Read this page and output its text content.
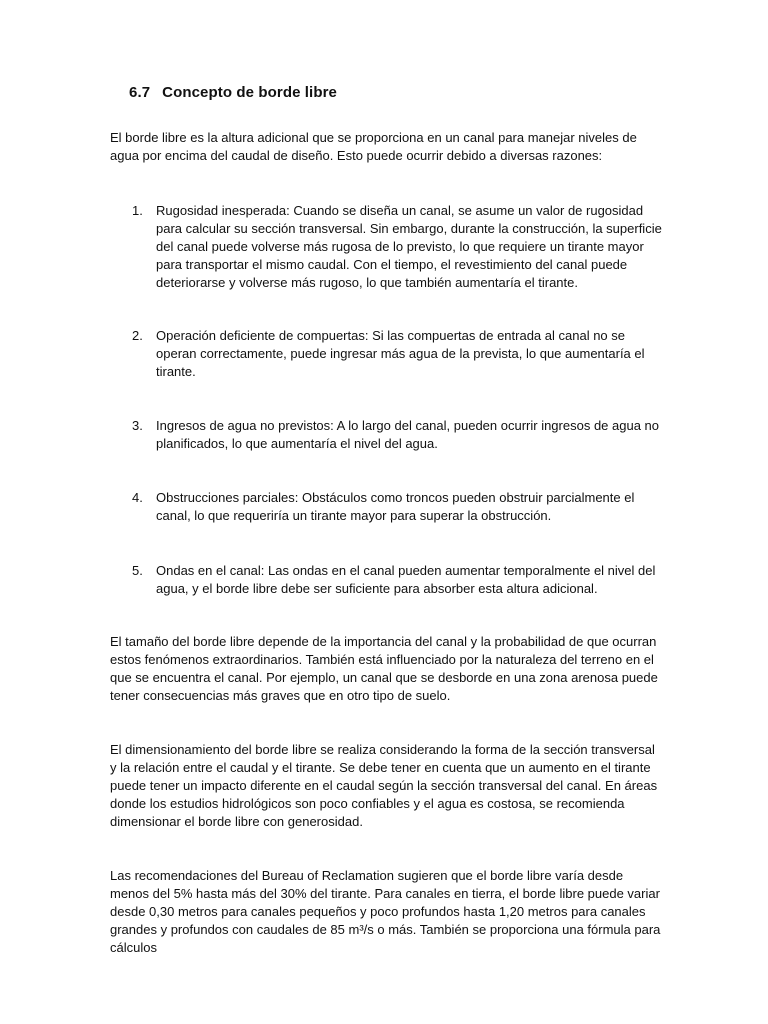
6.7 Concepto de borde libre

El borde libre es la altura adicional que se proporciona en un canal para manejar niveles de agua por encima del caudal de diseño. Esto puede ocurrir debido a diversas razones:

1. Rugosidad inesperada: Cuando se diseña un canal, se asume un valor de rugosidad para calcular su sección transversal. Sin embargo, durante la construcción, la superficie del canal puede volverse más rugosa de lo previsto, lo que requiere un tirante mayor para transportar el mismo caudal. Con el tiempo, el revestimiento del canal puede deteriorarse y volverse más rugoso, lo que también aumentaría el tirante.

2. Operación deficiente de compuertas: Si las compuertas de entrada al canal no se operan correctamente, puede ingresar más agua de la prevista, lo que aumentaría el tirante.

3. Ingresos de agua no previstos: A lo largo del canal, pueden ocurrir ingresos de agua no planificados, lo que aumentaría el nivel del agua.

4. Obstrucciones parciales: Obstáculos como troncos pueden obstruir parcialmente el canal, lo que requeriría un tirante mayor para superar la obstrucción.

5. Ondas en el canal: Las ondas en el canal pueden aumentar temporalmente el nivel del agua, y el borde libre debe ser suficiente para absorber esta altura adicional.

El tamaño del borde libre depende de la importancia del canal y la probabilidad de que ocurran estos fenómenos extraordinarios. También está influenciado por la naturaleza del terreno en el que se encuentra el canal. Por ejemplo, un canal que se desborde en una zona arenosa puede tener consecuencias más graves que en otro tipo de suelo.

El dimensionamiento del borde libre se realiza considerando la forma de la sección transversal y la relación entre el caudal y el tirante. Se debe tener en cuenta que un aumento en el tirante puede tener un impacto diferente en el caudal según la sección transversal del canal. En áreas donde los estudios hidrológicos son poco confiables y el agua es costosa, se recomienda dimensionar el borde libre con generosidad.

Las recomendaciones del Bureau of Reclamation sugieren que el borde libre varía desde menos del 5% hasta más del 30% del tirante. Para canales en tierra, el borde libre puede variar desde 0,30 metros para canales pequeños y poco profundos hasta 1,20 metros para canales grandes y profundos con caudales de 85 m³/s o más. También se proporciona una fórmula para cálculos
